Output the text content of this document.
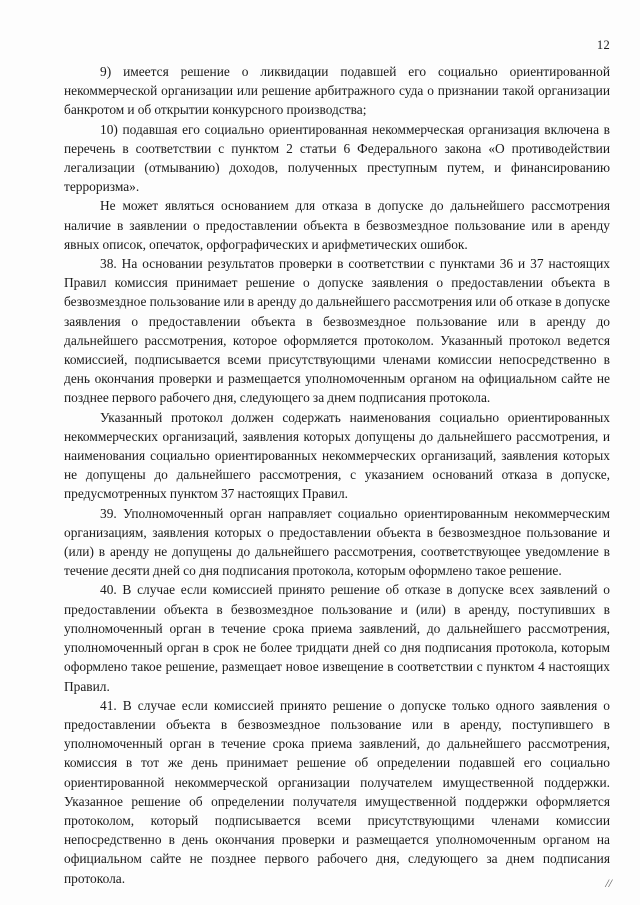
12

9) имеется решение о ликвидации подавшей его социально ориентированной некоммерческой организации или решение арбитражного суда о признании такой организации банкротом и об открытии конкурсного производства;

10) подавшая его социально ориентированная некоммерческая организация включена в перечень в соответствии с пунктом 2 статьи 6 Федерального закона «О противодействии легализации (отмыванию) доходов, полученных преступным путем, и финансированию терроризма».

Не может являться основанием для отказа в допуске до дальнейшего рассмотрения наличие в заявлении о предоставлении объекта в безвозмездное пользование или в аренду явных описок, опечаток, орфографических и арифметических ошибок.

38. На основании результатов проверки в соответствии с пунктами 36 и 37 настоящих Правил комиссия принимает решение о допуске заявления о предоставлении объекта в безвозмездное пользование или в аренду до дальнейшего рассмотрения или об отказе в допуске заявления о предоставлении объекта в безвозмездное пользование или в аренду до дальнейшего рассмотрения, которое оформляется протоколом. Указанный протокол ведется комиссией, подписывается всеми присутствующими членами комиссии непосредственно в день окончания проверки и размещается уполномоченным органом на официальном сайте не позднее первого рабочего дня, следующего за днем подписания протокола.

Указанный протокол должен содержать наименования социально ориентированных некоммерческих организаций, заявления которых допущены до дальнейшего рассмотрения, и наименования социально ориентированных некоммерческих организаций, заявления которых не допущены до дальнейшего рассмотрения, с указанием оснований отказа в допуске, предусмотренных пунктом 37 настоящих Правил.

39. Уполномоченный орган направляет социально ориентированным некоммерческим организациям, заявления которых о предоставлении объекта в безвозмездное пользование и (или) в аренду не допущены до дальнейшего рассмотрения, соответствующее уведомление в течение десяти дней со дня подписания протокола, которым оформлено такое решение.

40. В случае если комиссией принято решение об отказе в допуске всех заявлений о предоставлении объекта в безвозмездное пользование и (или) в аренду, поступивших в уполномоченный орган в течение срока приема заявлений, до дальнейшего рассмотрения, уполномоченный орган в срок не более тридцати дней со дня подписания протокола, которым оформлено такое решение, размещает новое извещение в соответствии с пунктом 4 настоящих Правил.

41. В случае если комиссией принято решение о допуске только одного заявления о предоставлении объекта в безвозмездное пользование или в аренду, поступившего в уполномоченный орган в течение срока приема заявлений, до дальнейшего рассмотрения, комиссия в тот же день принимает решение об определении подавшей его социально ориентированной некоммерческой организации получателем имущественной поддержки. Указанное решение об определении получателя имущественной поддержки оформляется протоколом, который подписывается всеми присутствующими членами комиссии непосредственно в день окончания проверки и размещается уполномоченным органом на официальном сайте не позднее первого рабочего дня, следующего за днем подписания протокола.	//
